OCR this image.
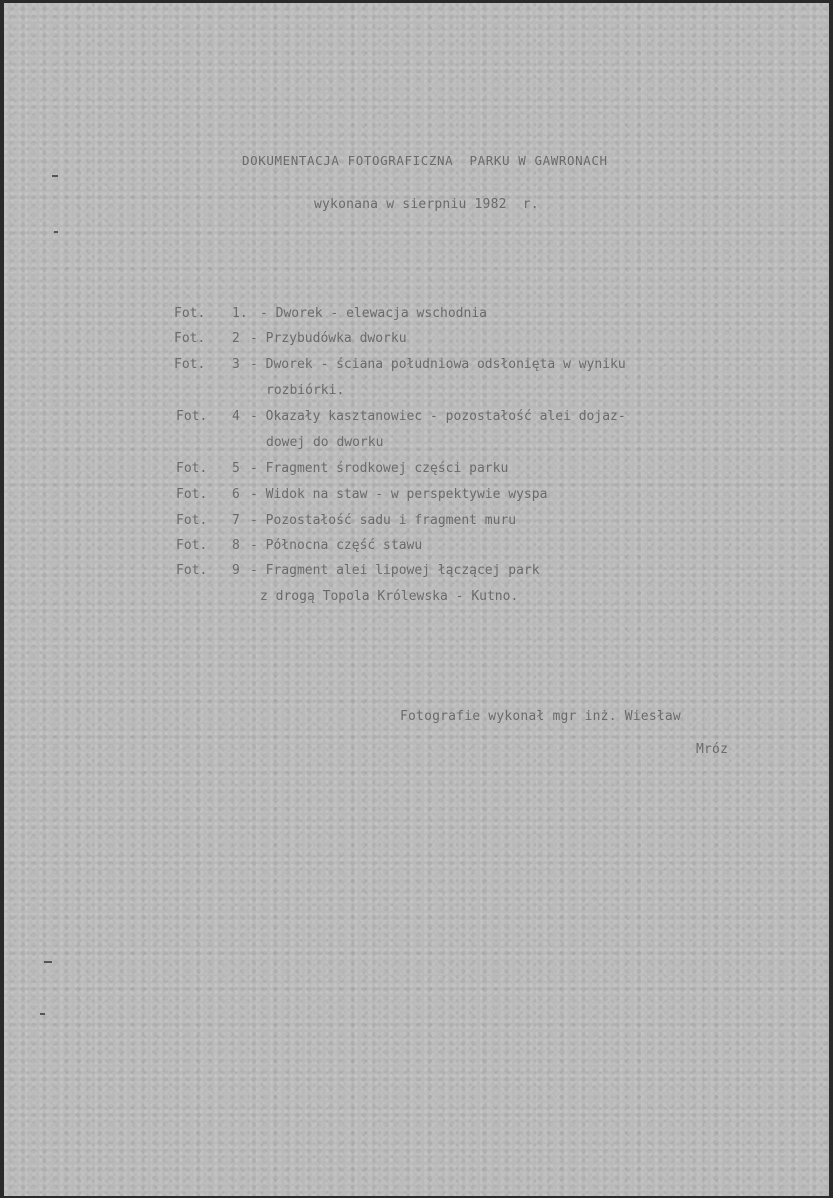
DOKUMENTACJA FOTOGRAFICZNA  PARKU W GAWRONACH
wykonana w sierpniu 1982  r.
Fot. 1. - Dworek - elewacja wschodnia
Fot. 2 - Przybudówka dworku
Fot. 3 - Dworek - ściana południowa odsłonięta w wyniku
rozbiórki.
Fot. 4 - Okazały kasztanowiec - pozostałość alei dojaz-
dowej do dworku
Fot. 5 - Fragment środkowej części parku
Fot. 6 - Widok na staw - w perspektywie wyspa
Fot. 7 - Pozostałość sadu i fragment muru
Fot. 8 - Północna część stawu
Fot. 9 - Fragment alei lipowej łączącej park
z drogą Topola Królewska - Kutno.
Fotografie wykonał mgr inż. Wiesław
Mróz
